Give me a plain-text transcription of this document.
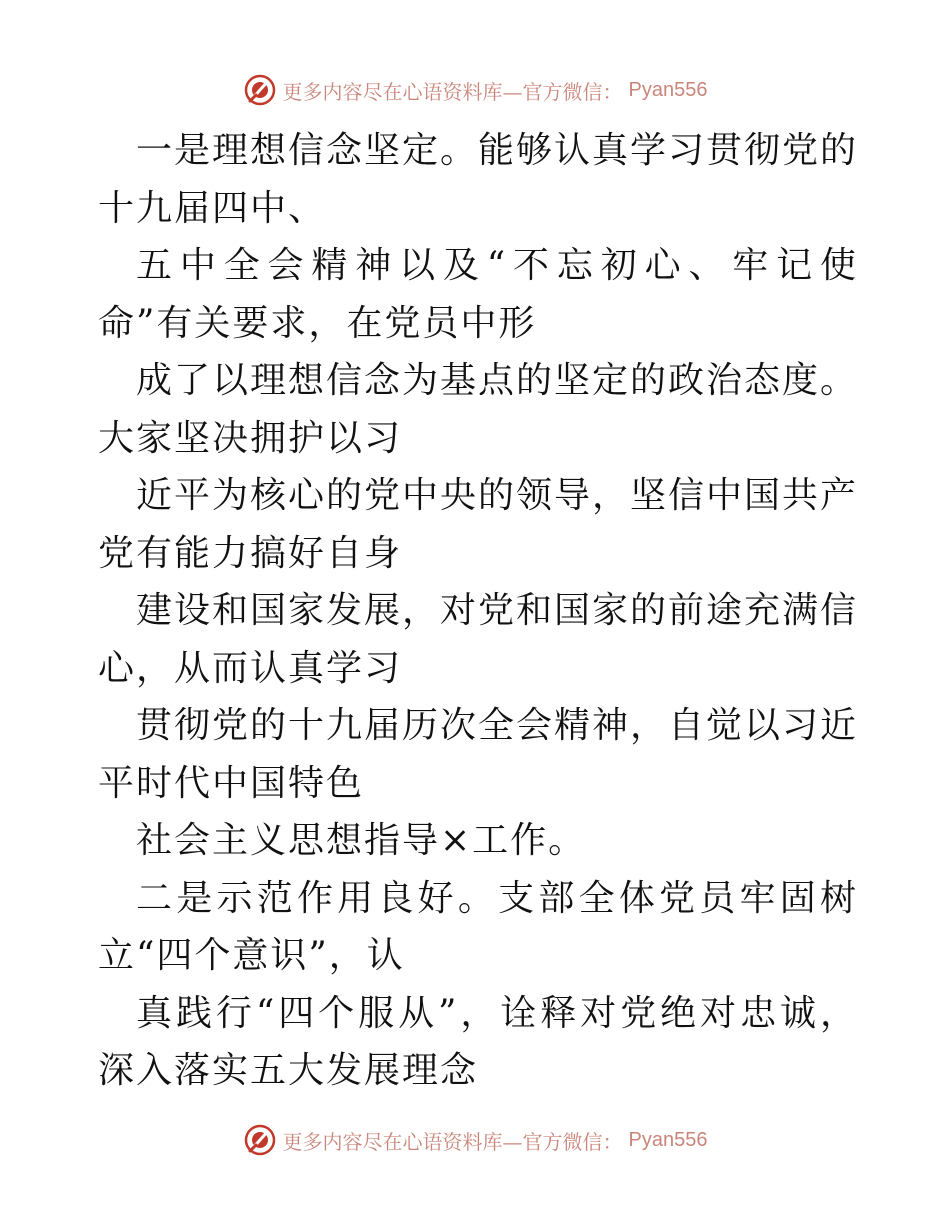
更多内容尽在心语资料库—官方微信： Pyan556

一是理想信念坚定。能够认真学习贯彻党的十九届四中、

五中全会精神以及“不忘初心、牢记使命”有关要求，在党员中形

成了以理想信念为基点的坚定的政治态度。大家坚决拥护以习

近平为核心的党中央的领导，坚信中国共产党有能力搞好自身

建设和国家发展，对党和国家的前途充满信心，从而认真学习

贯彻党的十九届历次全会精神，自觉以习近平时代中国特色

社会主义思想指导×工作。

二是示范作用良好。支部全体党员牢固树立“四个意识”，认

真践行“四个服从”，诠释对党绝对忠诚，深入落实五大发展理念

更多内容尽在心语资料库—官方微信： Pyan556
